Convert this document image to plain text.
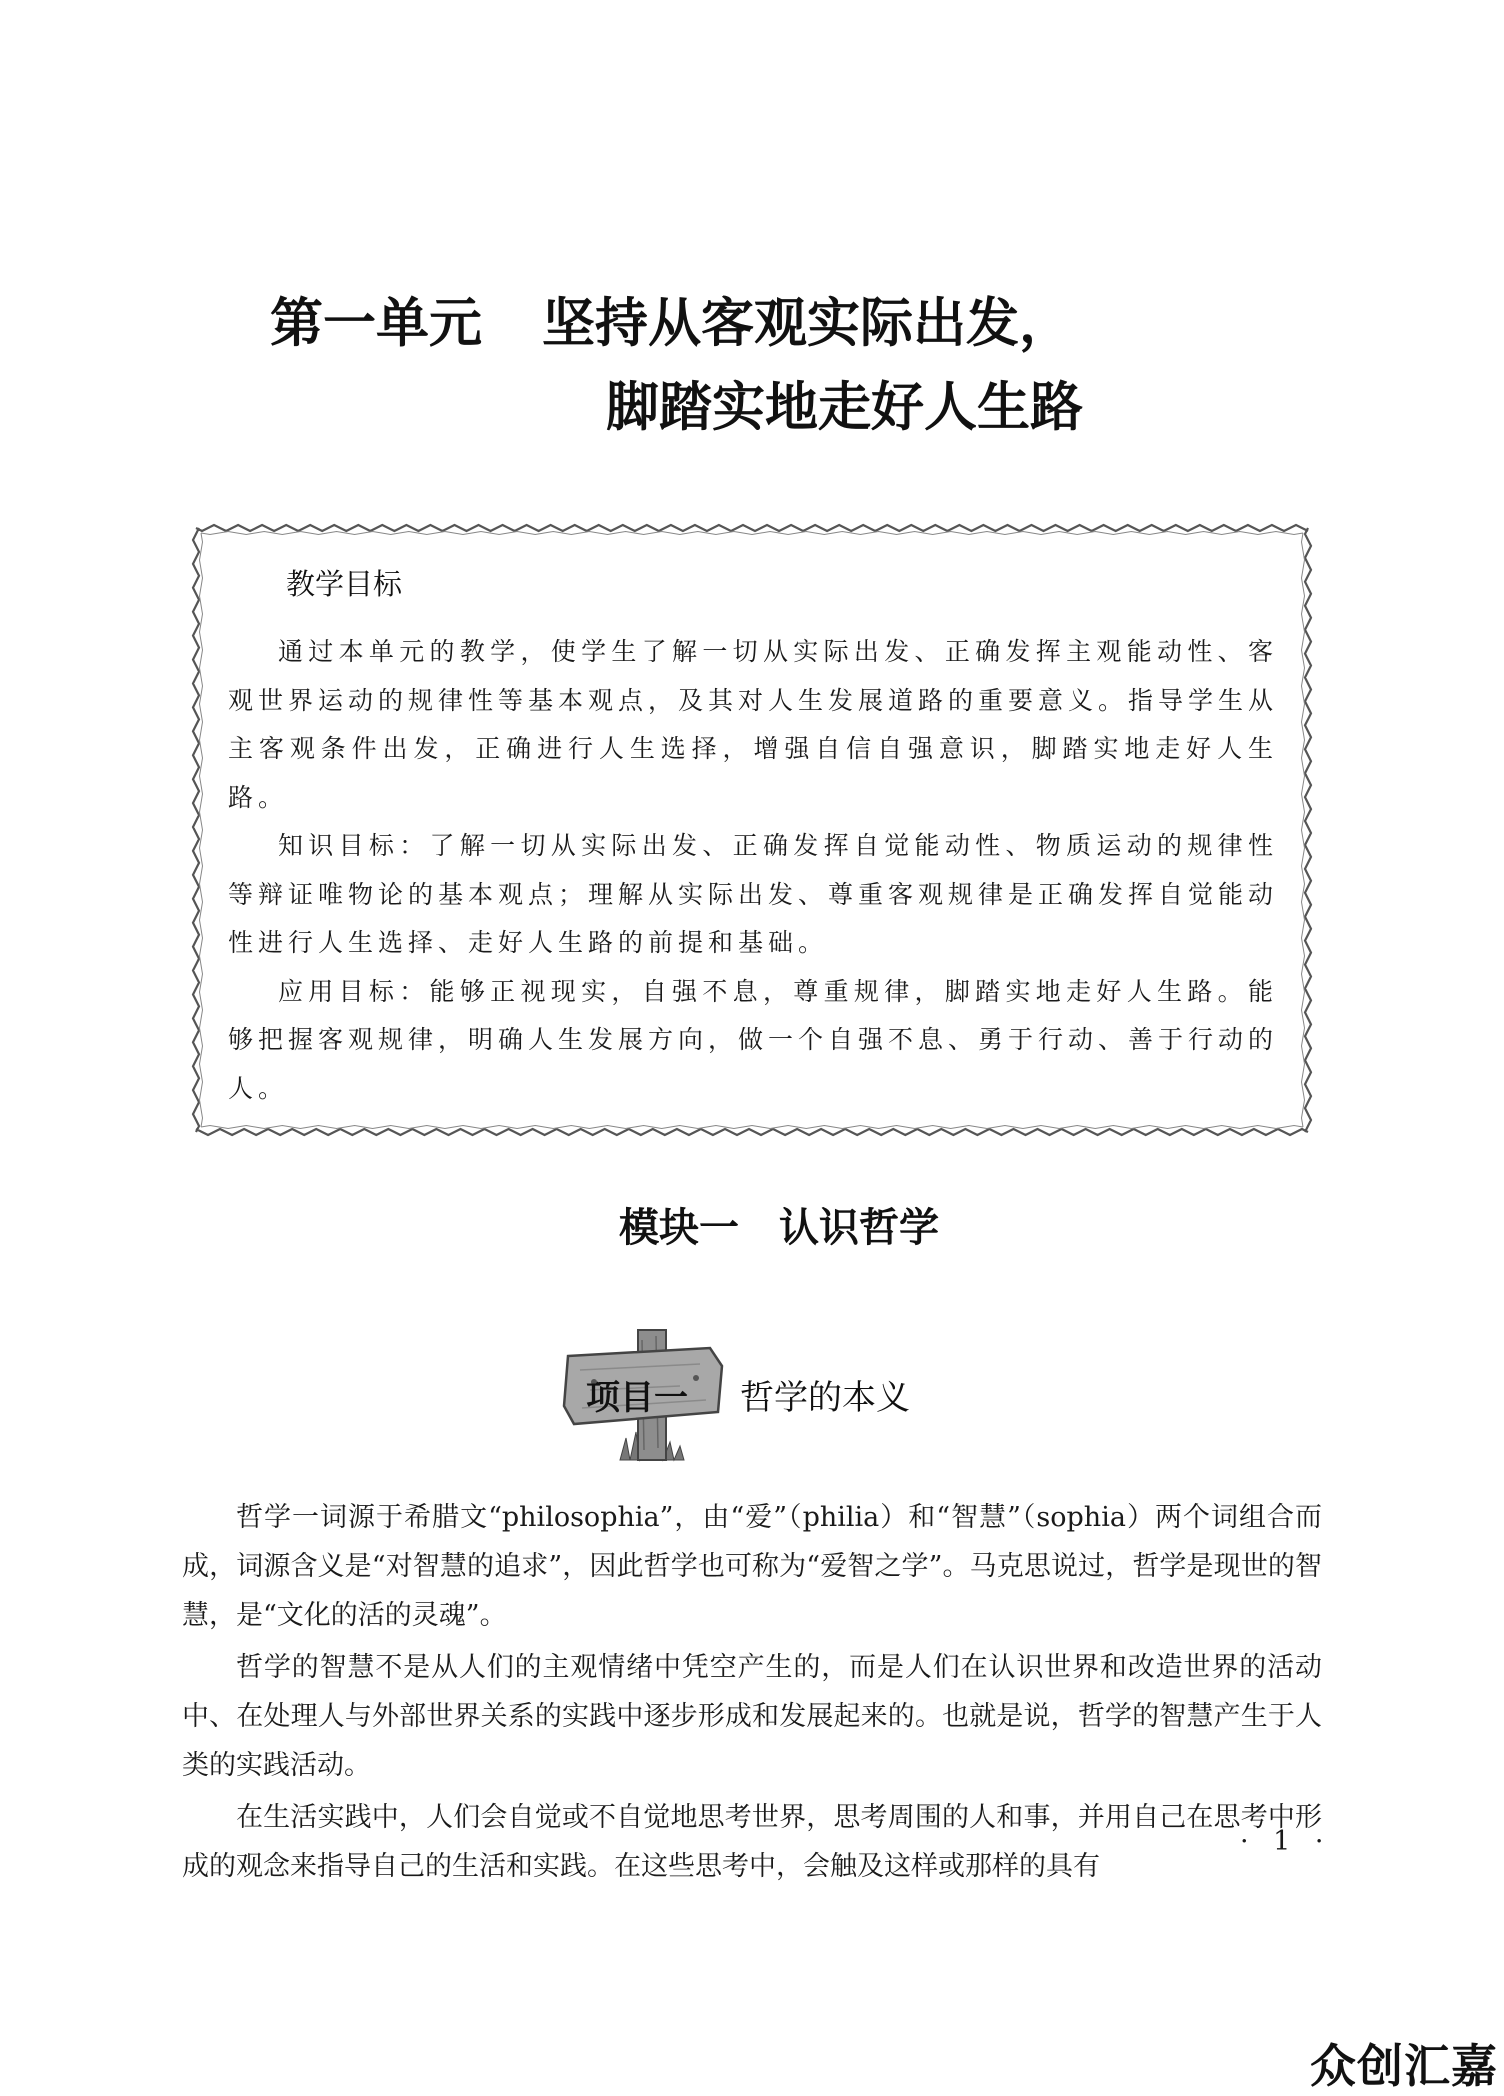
第一单元 坚持从客观实际出发，
脚踏实地走好人生路
教学目标

通过本单元的教学，使学生了解一切从实际出发、正确发挥主观能动性、客观世界运动的规律性等基本观点，及其对人生发展道路的重要意义。指导学生从主客观条件出发，正确进行人生选择，增强自信自强意识，脚踏实地走好人生路。

知识目标：了解一切从实际出发、正确发挥自觉能动性、物质运动的规律性等辩证唯物论的基本观点；理解从实际出发、尊重客观规律是正确发挥自觉能动性进行人生选择、走好人生路的前提和基础。

应用目标：能够正视现实，自强不息，尊重规律，脚踏实地走好人生路。能够把握客观规律，明确人生发展方向，做一个自强不息、勇于行动、善于行动的人。

模块一 认识哲学
项目一 哲学的本义

哲学一词源于希腊文“philosophia”，由“爱”（philia）和“智慧”（sophia）两个词组合而成，词源含义是“对智慧的追求”，因此哲学也可称为“爱智之学”。马克思说过，哲学是现世的智慧，是“文化的活的灵魂”。

哲学的智慧不是从人们的主观情绪中凭空产生的，而是人们在认识世界和改造世界的活动中、在处理人与外部世界关系的实践中逐步形成和发展起来的。也就是说，哲学的智慧产生于人类的实践活动。

在生活实践中，人们会自觉或不自觉地思考世界，思考周围的人和事，并用自己在思考中形成的观念来指导自己的生活和实践。在这些思考中，会触及这样或那样的具有

· 1 ·
众创汇嘉
